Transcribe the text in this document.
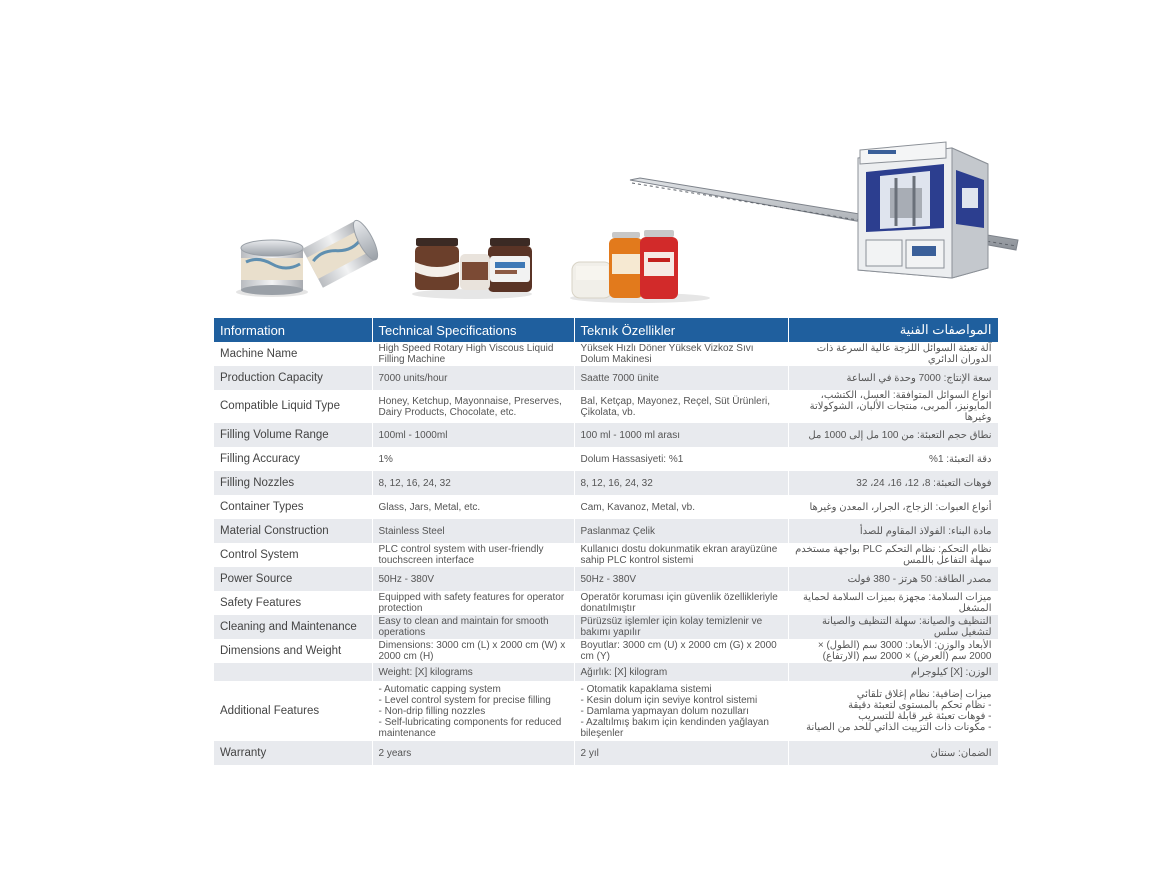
Information	Technical Specifications	Teknık Özellikler	المواصفات الفنية
Machine Name	High Speed Rotary High Viscous Liquid Filling Machine	Yüksek Hızlı Döner Yüksek Vizkoz Sıvı Dolum Makinesi	آلة تعبئة السوائل اللزجة عالية السرعة ذات الدوران الدائري
Production Capacity	7000 units/hour	Saatte 7000 ünite	سعة الإنتاج: 7000 وحدة في الساعة
Compatible Liquid Type	Honey, Ketchup, Mayonnaise, Preserves, Dairy Products, Chocolate, etc.	Bal, Ketçap, Mayonez, Reçel, Süt Ürünleri, Çikolata, vb.	أنواع السوائل المتوافقة: العسل، الكتشب، المايونيز، المربى، منتجات الألبان، الشوكولاتة وغيرها
Filling Volume Range	100ml - 1000ml	100 ml - 1000 ml arası	نطاق حجم التعبئة: من 100 مل إلى 1000 مل
Filling Accuracy	1%	Dolum Hassasiyeti: %1	دقة التعبئة: 1%
Filling Nozzles	8, 12, 16, 24, 32	8, 12, 16, 24, 32	فوهات التعبئة: 8، 12، 16، 24، 32
Container Types	Glass, Jars, Metal, etc.	Cam, Kavanoz, Metal, vb.	أنواع العبوات: الزجاج، الجرار، المعدن وغيرها
Material Construction	Stainless Steel	Paslanmaz Çelik	مادة البناء: الفولاذ المقاوم للصدأ
Control System	PLC control system with user-friendly touchscreen interface	Kullanıcı dostu dokunmatik ekran arayüzüne sahip PLC kontrol sistemi	نظام التحكم: نظام التحكم PLC بواجهة مستخدم سهلة التفاعل باللمس
Power Source	50Hz - 380V	50Hz - 380V	مصدر الطاقة: 50 هرتز - 380 فولت
Safety Features	Equipped with safety features for operator protection	Operatör koruması için güvenlik özellikleriyle donatılmıştır	ميزات السلامة: مجهزة بميزات السلامة لحماية المشغل
Cleaning and Maintenance	Easy to clean and maintain for smooth operations	Pürüzsüz işlemler için kolay temizlenir ve bakımı yapılır	التنظيف والصيانة: سهلة التنظيف والصيانة لتشغيل سلس
Dimensions and Weight	Dimensions: 3000 cm (L) x 2000 cm (W) x 2000 cm (H)	Boyutlar: 3000 cm (U) x 2000 cm (G) x 2000 cm (Y)	الأبعاد والوزن: الأبعاد: 3000 سم (الطول) × 2000 سم (العرض) × 2000 سم (الارتفاع)
	Weight: [X] kilograms	Ağırlık: [X] kilogram	الوزن: [X] كيلوجرام
Additional Features	- Automatic capping system
- Level control system for precise filling
- Non-drip filling nozzles
- Self-lubricating components for reduced maintenance	- Otomatik kapaklama sistemi
- Kesin dolum için seviye kontrol sistemi
- Damlama yapmayan dolum nozulları
- Azaltılmış bakım için kendinden yağlayan bileşenler	ميزات إضافية: نظام إغلاق تلقائي
- نظام تحكم بالمستوى لتعبئة دقيقة
- فوهات تعبئة غير قابلة للتسريب
- مكونات ذات التزييت الذاتي للحد من الصيانة

Warranty	2 years	2 yıl	الضمان: سنتان
